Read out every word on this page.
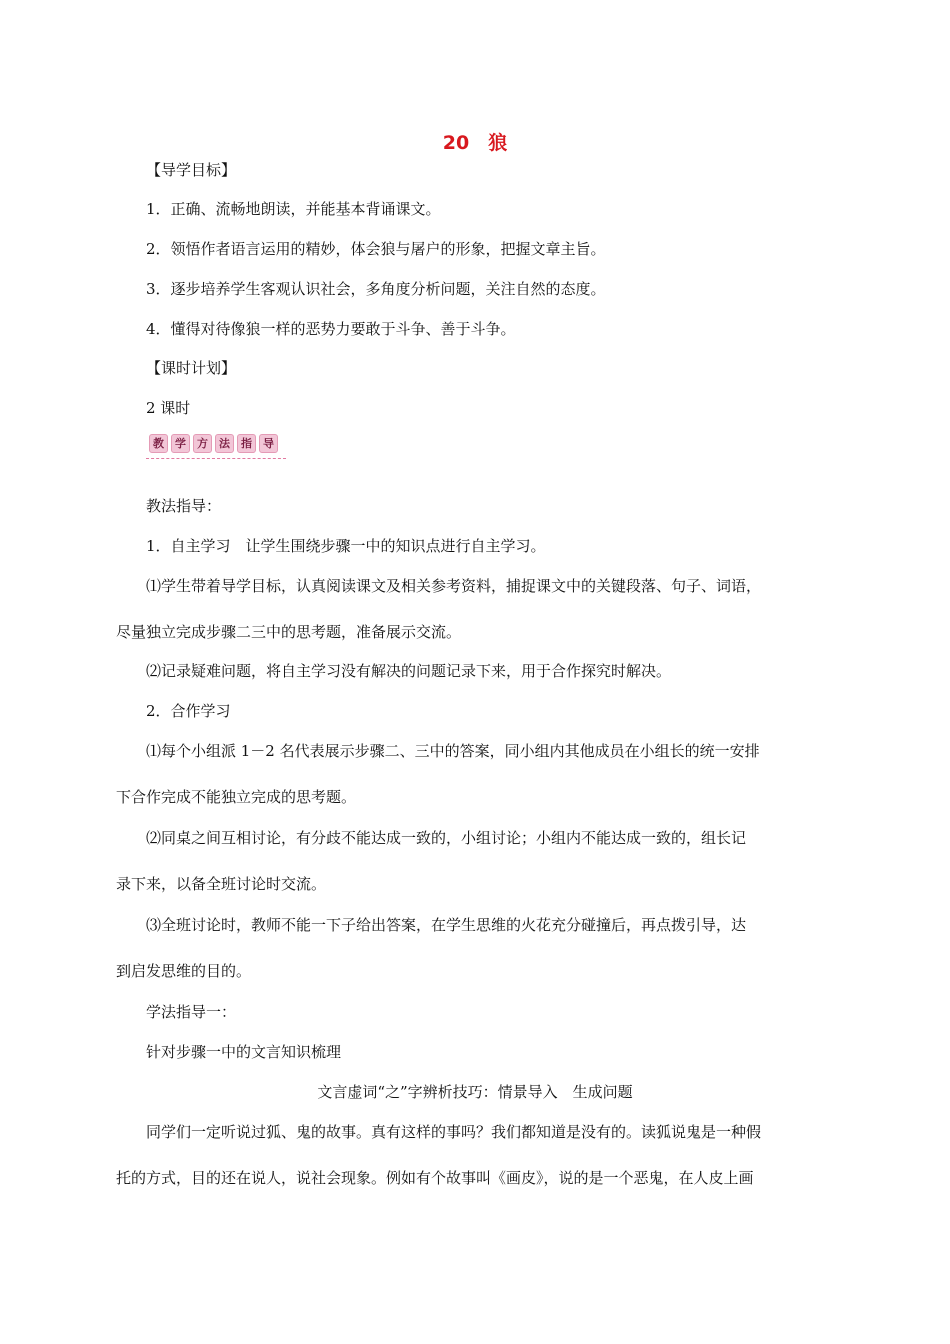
20　狼
【导学目标】
1．正确、流畅地朗读，并能基本背诵课文。
2．领悟作者语言运用的精妙，体会狼与屠户的形象，把握文章主旨。
3．逐步培养学生客观认识社会，多角度分析问题，关注自然的态度。
4．懂得对待像狼一样的恶势力要敢于斗争、善于斗争。
【课时计划】
2 课时
教	学	方	法	指	导
教法指导：
1．自主学习　让学生围绕步骤一中的知识点进行自主学习。
⑴学生带着导学目标，认真阅读课文及相关参考资料，捕捉课文中的关键段落、句子、词语，
尽量独立完成步骤二三中的思考题，准备展示交流。
⑵记录疑难问题，将自主学习没有解决的问题记录下来，用于合作探究时解决。
2．合作学习
⑴每个小组派 1－2 名代表展示步骤二、三中的答案，同小组内其他成员在小组长的统一安排
下合作完成不能独立完成的思考题。
⑵同桌之间互相讨论，有分歧不能达成一致的，小组讨论；小组内不能达成一致的，组长记
录下来，以备全班讨论时交流。
⑶全班讨论时，教师不能一下子给出答案，在学生思维的火花充分碰撞后，再点拨引导，达
到启发思维的目的。
学法指导一：
针对步骤一中的文言知识梳理
文言虚词“之”字辨析技巧：情景导入　生成问题
同学们一定听说过狐、鬼的故事。真有这样的事吗？我们都知道是没有的。读狐说鬼是一种假
托的方式，目的还在说人，说社会现象。例如有个故事叫《画皮》，说的是一个恶鬼，在人皮上画
